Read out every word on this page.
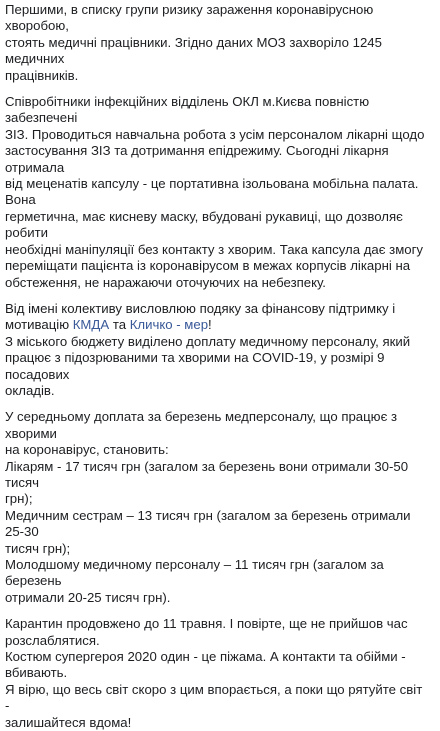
Першими, в списку групи ризику зараження коронавірусною хворобою,
стоять медичні працівники. Згідно даних МОЗ захворіло 1245 медичних
працівників.
Співробітники інфекційних відділень ОКЛ м.Києва повністю забезпечені
ЗІЗ. Проводиться навчальна робота з усім персоналом лікарні щодо
застосування ЗІЗ та дотримання епідрежиму. Сьогодні лікарня отримала
від меценатів капсулу - це портативна ізольована мобільна палата. Вона
герметична, має кисневу маску, вбудовані рукавиці, що дозволяє робити
необхідні маніпуляції без контакту з хворим. Така капсула дає змогу
переміщати пацієнта із коронавірусом в межах корпусів лікарні на
обстеження, не наражаючи оточуючих на небезпеку.
Від імені колективу висловлюю подяку за фінансову підтримку і
мотивацію КМДА та Кличко - мер!
З міського бюджету виділено доплату медичному персоналу, який
працює з підозрюваними та хворими на COVID-19, у розмірі 9 посадових
окладів.
У середньому доплата за березень медперсоналу, що працює з хворими
на коронавірус, становить:
Лікарям - 17 тисяч грн (загалом за березень вони отримали 30-50 тисяч
грн);
Медичним сестрам – 13 тисяч грн (загалом за березень отримали 25-30
тисяч грн);
Молодшому медичному персоналу – 11 тисяч грн (загалом за березень
отримали 20-25 тисяч грн).
Карантин продовжено до 11 травня. І повірте, ще не прийшов час
розслаблятися.
Костюм супергероя 2020 один - це піжама. А контакти та обійми -
вбивають.
Я вірю, що весь світ скоро з цим впорається, а поки що рятуйте світ -
залишайтеся вдома!
